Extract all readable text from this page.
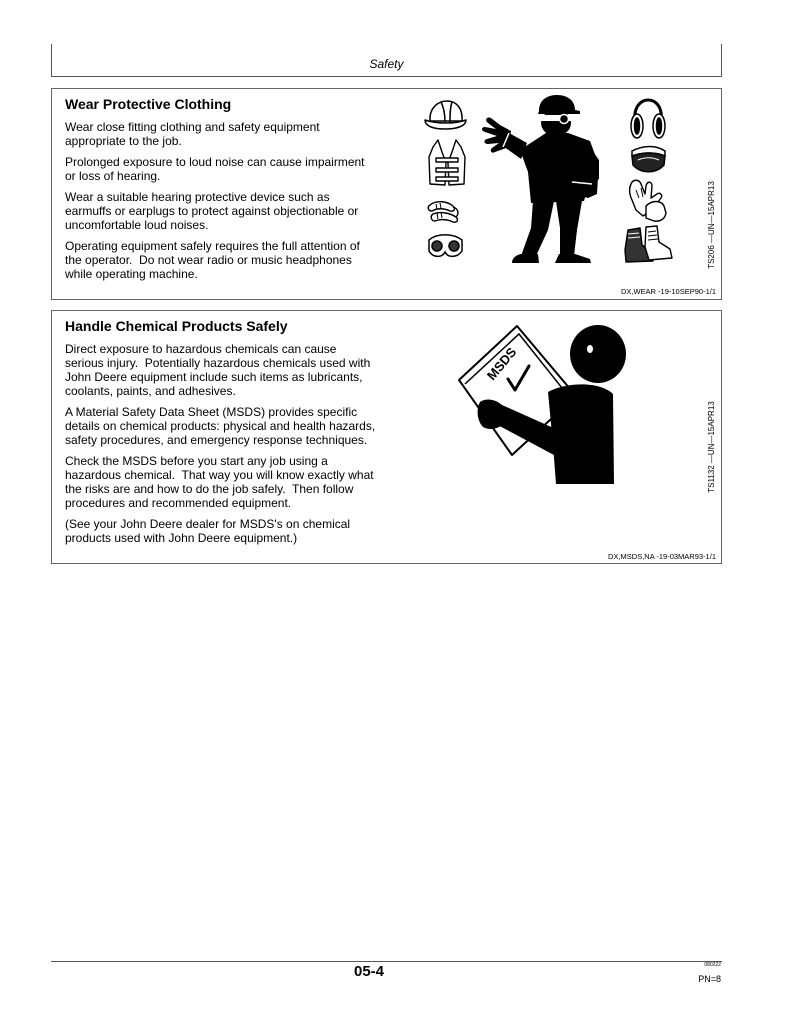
Safety
Wear Protective Clothing
Wear close fitting clothing and safety equipment
appropriate to the job.
Prolonged exposure to loud noise can cause impairment
or loss of hearing.
Wear a suitable hearing protective device such as
earmuffs or earplugs to protect against objectionable or
uncomfortable loud noises.
Operating equipment safely requires the full attention of
the operator.  Do not wear radio or music headphones
while operating machine.
TS206 —UN—15APR13
DX,WEAR -19-10SEP90-1/1
Handle Chemical Products Safely
Direct exposure to hazardous chemicals can cause
serious injury.  Potentially hazardous chemicals used with
John Deere equipment include such items as lubricants,
coolants, paints, and adhesives.
A Material Safety Data Sheet (MSDS) provides specific
details on chemical products: physical and health hazards,
safety procedures, and emergency response techniques.
Check the MSDS before you start any job using a
hazardous chemical.  That way you will know exactly what
the risks are and how to do the job safely.  Then follow
procedures and recommended equipment.
(See your John Deere dealer for MSDS's on chemical
products used with John Deere equipment.)
MSDS
TS1132 —UN—15APR13
DX,MSDS,NA -19-03MAR93-1/1
05-4	080222
PN=8
